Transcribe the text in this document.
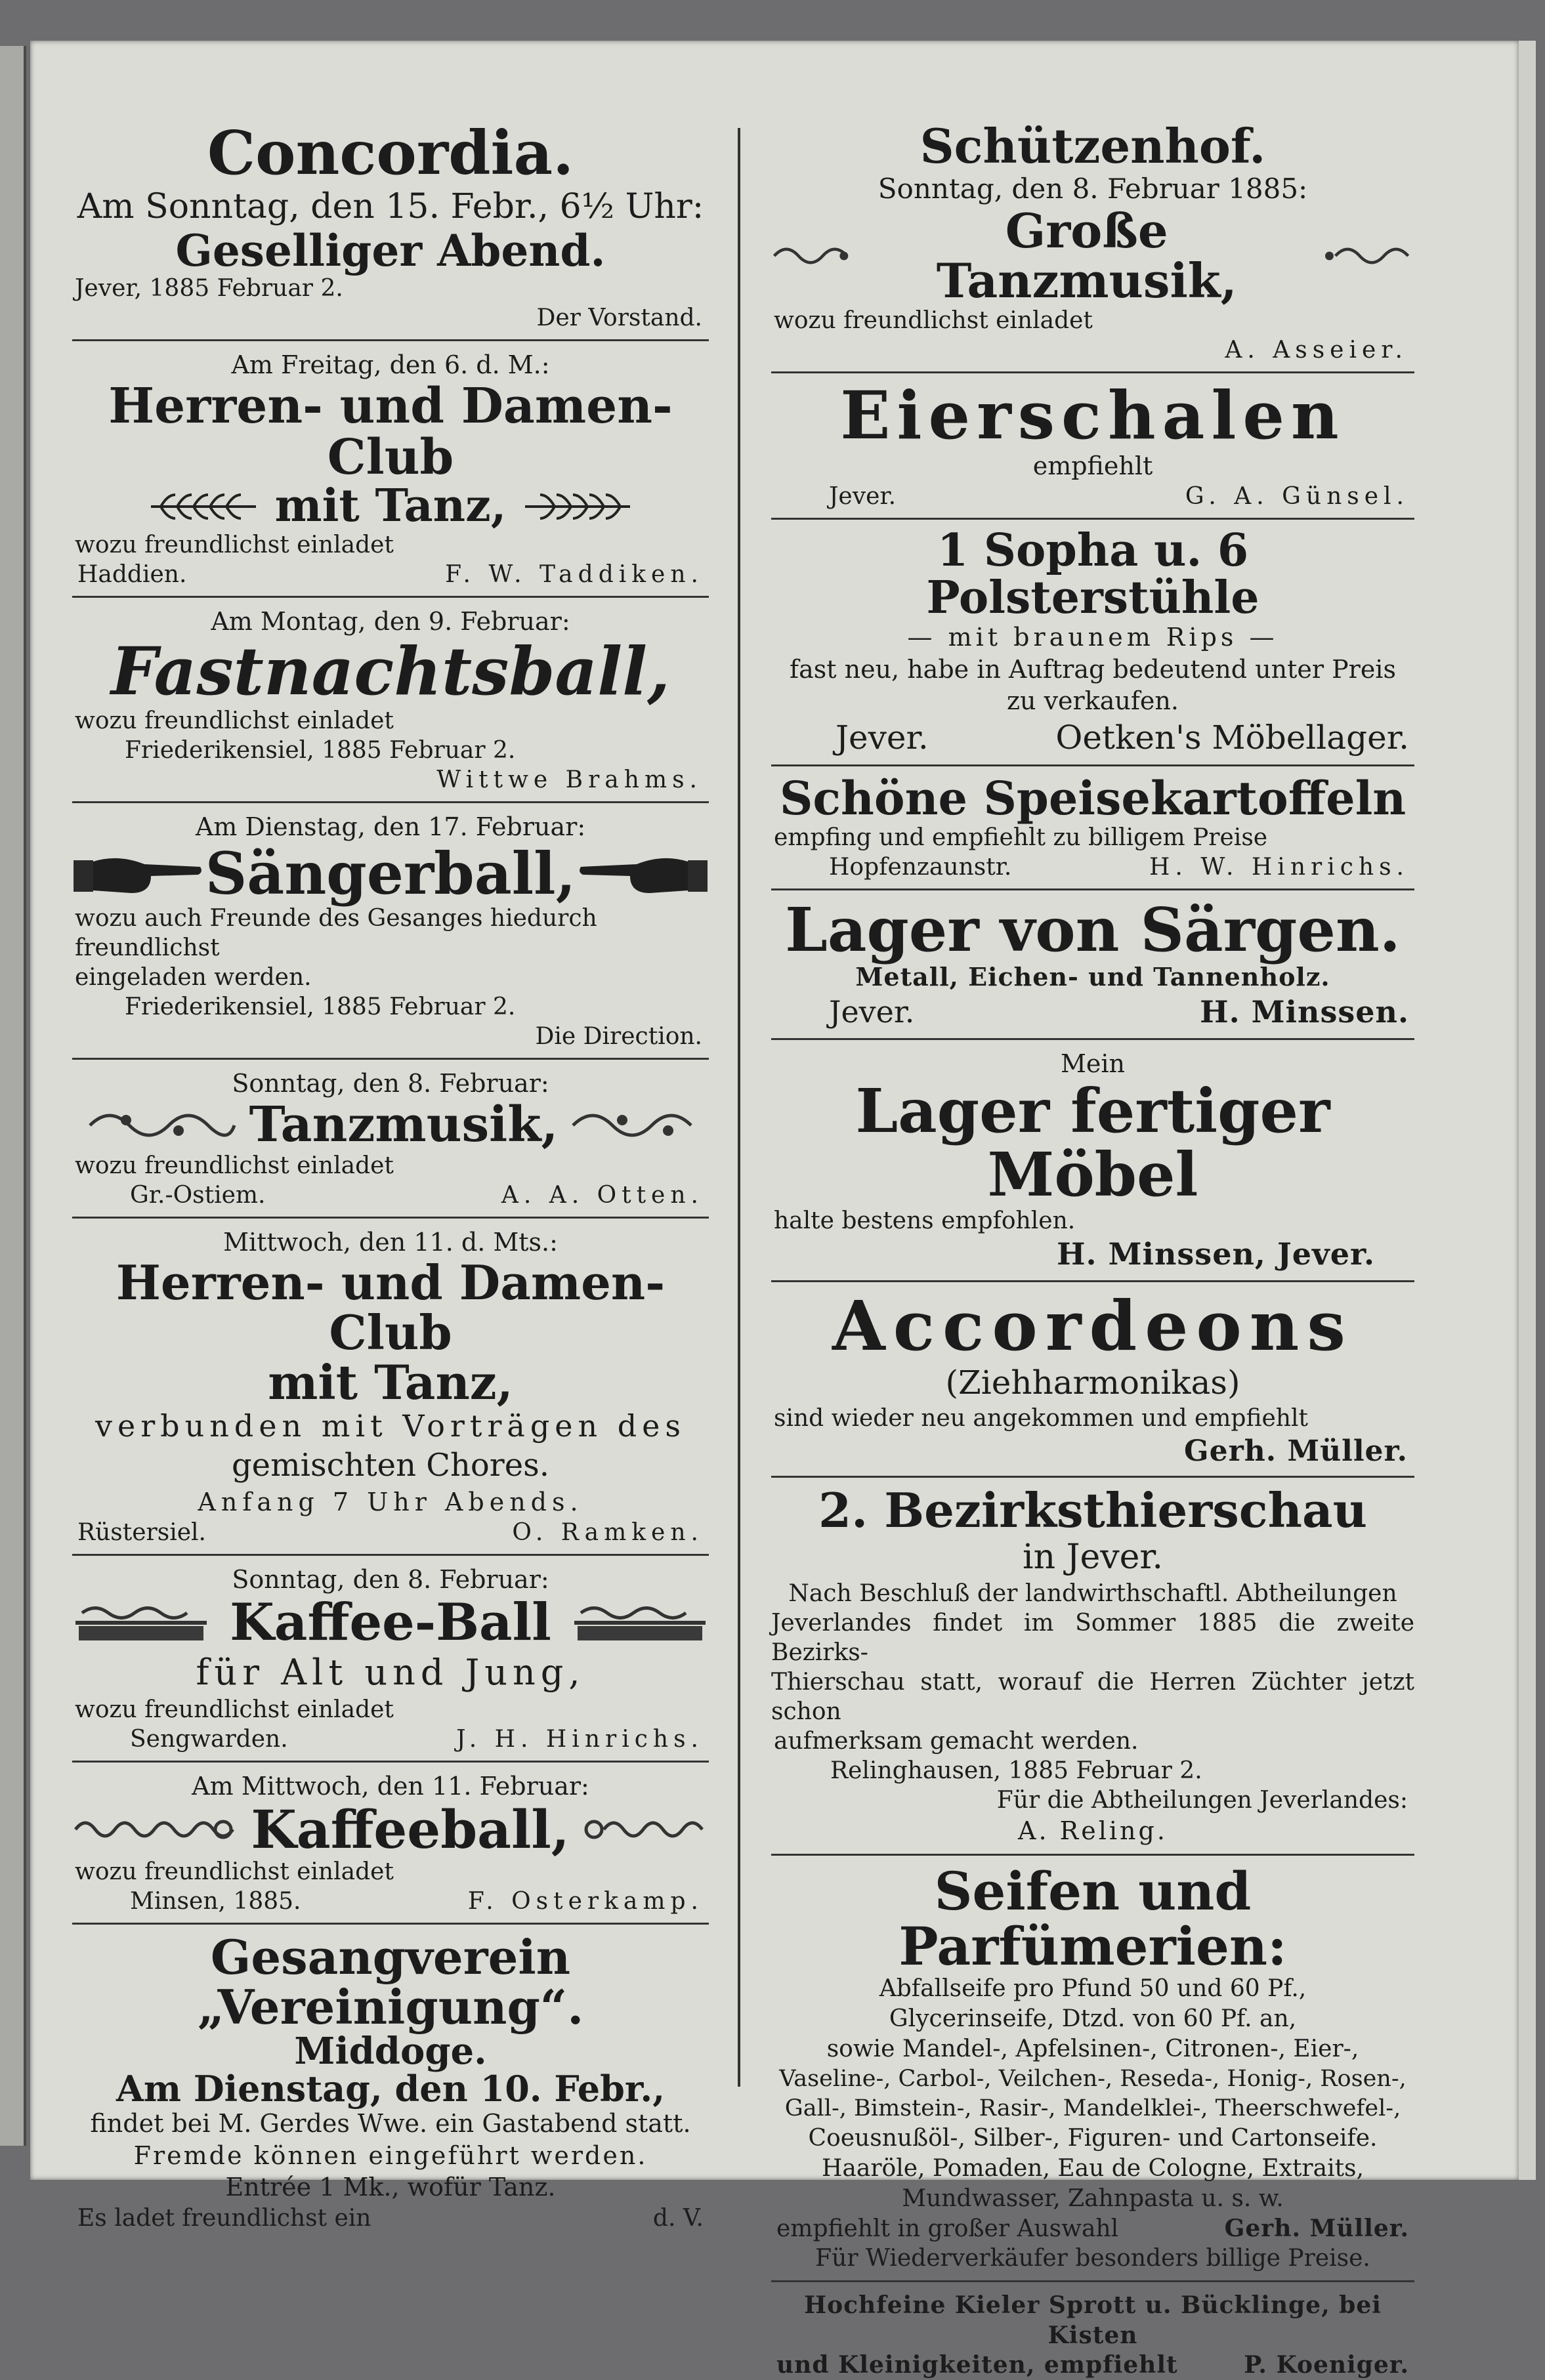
Concordia.
Am Sonntag, den 15. Febr., 6½ Uhr:
Geselliger Abend.
Jever, 1885 Februar 2.
Der Vorstand.
Am Freitag, den 6. d. M.:
Herren- und Damen-Club
mit Tanz,
wozu freundlichst einladet
Haddien.	F. W. Taddiken.
Am Montag, den 9. Februar:
Fastnachtsball,
wozu freundlichst einladet
Friederikensiel, 1885 Februar 2.
Wittwe Brahms.
Am Dienstag, den 17. Februar:
Sängerball,
wozu auch Freunde des Gesanges hiedurch freundlichst
eingeladen werden.
Friederikensiel, 1885 Februar 2.
Die Direction.
Sonntag, den 8. Februar:
Tanzmusik,
wozu freundlichst einladet
Gr.-Ostiem.	A. A. Otten.
Mittwoch, den 11. d. Mts.:
Herren- und Damen-Club
mit Tanz,
verbunden mit Vorträgen des
gemischten Chores.
Anfang 7 Uhr Abends.
Rüstersiel.	O. Ramken.
Sonntag, den 8. Februar:
Kaffee-Ball
für Alt und Jung,
wozu freundlichst einladet
Sengwarden.	J. H. Hinrichs.
Am Mittwoch, den 11. Februar:
Kaffeeball,
wozu freundlichst einladet
Minsen, 1885.	F. Osterkamp.
Gesangverein „Vereinigung“.
Middoge.
Am Dienstag, den 10. Febr.,
findet bei M. Gerdes Wwe. ein Gastabend statt.
Fremde können eingeführt werden.
Entrée 1 Mk., wofür Tanz.
Es ladet freundlichst ein	d. V.
Schützenhof.
Sonntag, den 8. Februar 1885:
Große Tanzmusik,
wozu freundlichst einladet
A. Asseier.
Eierschalen
empfiehlt
Jever.	G. A. Günsel.
1 Sopha u. 6 Polsterstühle
— mit braunem Rips —
fast neu, habe in Auftrag bedeutend unter Preis
zu verkaufen.
Jever.	Oetken's Möbellager.
Schöne Speisekartoffeln
empfing und empfiehlt zu billigem Preise
Hopfenzaunstr.	H. W. Hinrichs.
Lager von Särgen.
Metall, Eichen- und Tannenholz.
Jever.	H. Minssen.
Mein
Lager fertiger Möbel
halte bestens empfohlen.
H. Minssen, Jever.
Accordeons
(Ziehharmonikas)
sind wieder neu angekommen und empfiehlt
Gerh. Müller.
2. Bezirksthierschau
in Jever.
Nach Beschluß der landwirthschaftl. Abtheilungen
Jeverlandes findet im Sommer 1885 die zweite Bezirks-
Thierschau statt, worauf die Herren Züchter jetzt schon
aufmerksam gemacht werden.
Relinghausen, 1885 Februar 2.
Für die Abtheilungen Jeverlandes:
A. Reling.
Seifen und Parfümerien:
Abfallseife pro Pfund 50 und 60 Pf.,
Glycerinseife, Dtzd. von 60 Pf. an,
sowie Mandel-, Apfelsinen-, Citronen-, Eier-,
Vaseline-, Carbol-, Veilchen-, Reseda-, Honig-, Rosen-,
Gall-, Bimstein-, Rasir-, Mandelklei-, Theerschwefel-,
Coeusnußöl-, Silber-, Figuren- und Cartonseife.
Haaröle, Pomaden, Eau de Cologne, Extraits,
Mundwasser, Zahnpasta u. s. w.
empfiehlt in großer Auswahl	Gerh. Müller.
Für Wiederverkäufer besonders billige Preise.
Hochfeine Kieler Sprott u. Bücklinge, bei Kisten
und Kleinigkeiten, empfiehlt	P. Koeniger.
